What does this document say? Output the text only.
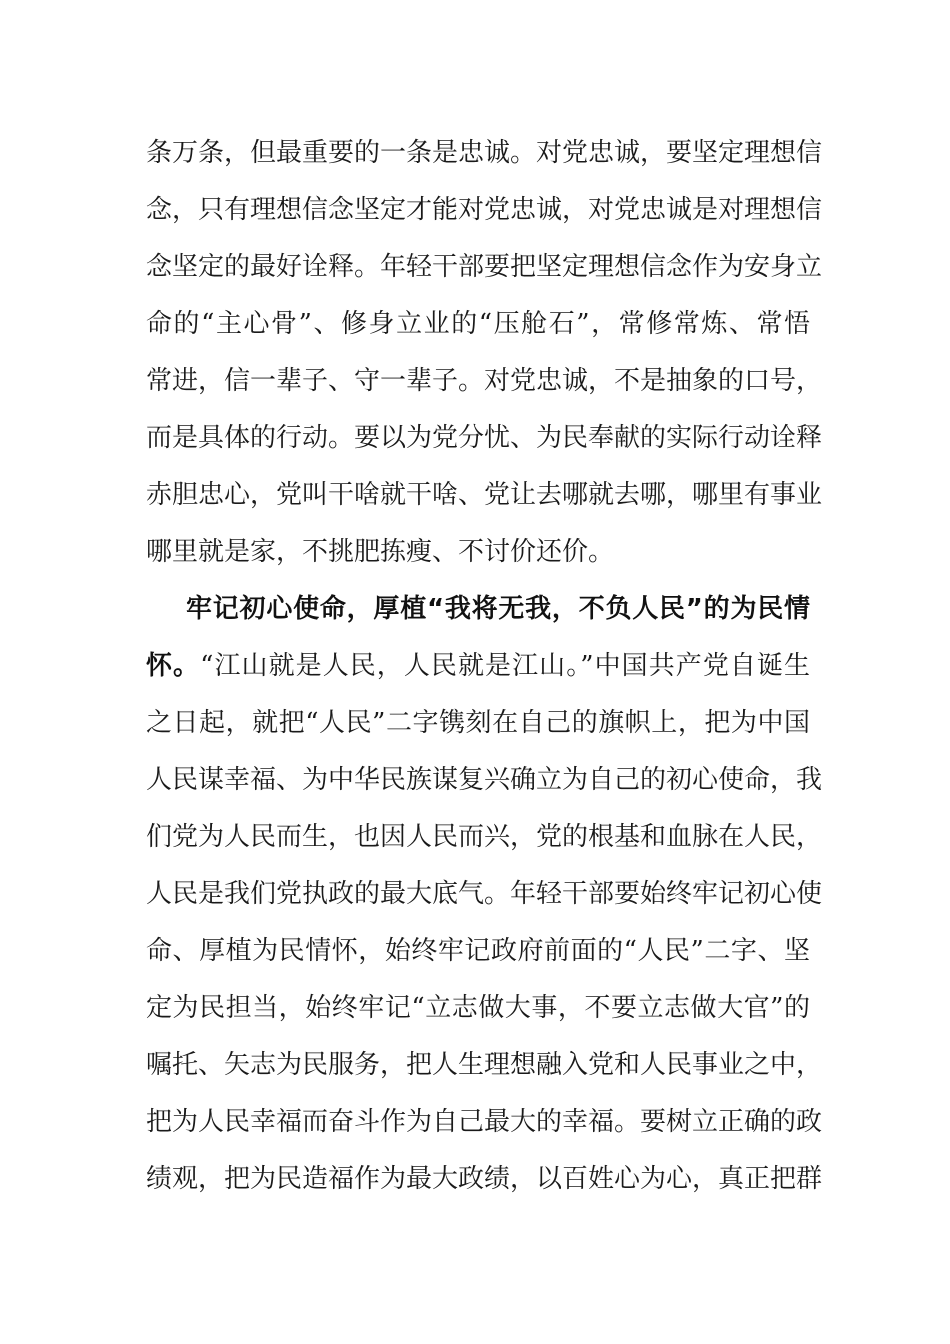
条万条，但最重要的一条是忠诚。对党忠诚，要坚定理想信
念，只有理想信念坚定才能对党忠诚，对党忠诚是对理想信
念坚定的最好诠释。年轻干部要把坚定理想信念作为安身立
命的“主心骨”、修身立业的“压舱石”，常修常炼、常悟
常进，信一辈子、守一辈子。对党忠诚，不是抽象的口号，
而是具体的行动。要以为党分忧、为民奉献的实际行动诠释
赤胆忠心，党叫干啥就干啥、党让去哪就去哪，哪里有事业
哪里就是家，不挑肥拣瘦、不讨价还价。
牢记初心使命，厚植“我将无我，不负人民”的为民情
怀。“江山就是人民，人民就是江山。”中国共产党自诞生
之日起，就把“人民”二字镌刻在自己的旗帜上，把为中国
人民谋幸福、为中华民族谋复兴确立为自己的初心使命，我
们党为人民而生，也因人民而兴，党的根基和血脉在人民，
人民是我们党执政的最大底气。年轻干部要始终牢记初心使
命、厚植为民情怀，始终牢记政府前面的“人民”二字、坚
定为民担当，始终牢记“立志做大事，不要立志做大官”的
嘱托、矢志为民服务，把人生理想融入党和人民事业之中，
把为人民幸福而奋斗作为自己最大的幸福。要树立正确的政
绩观，把为民造福作为最大政绩，以百姓心为心，真正把群
